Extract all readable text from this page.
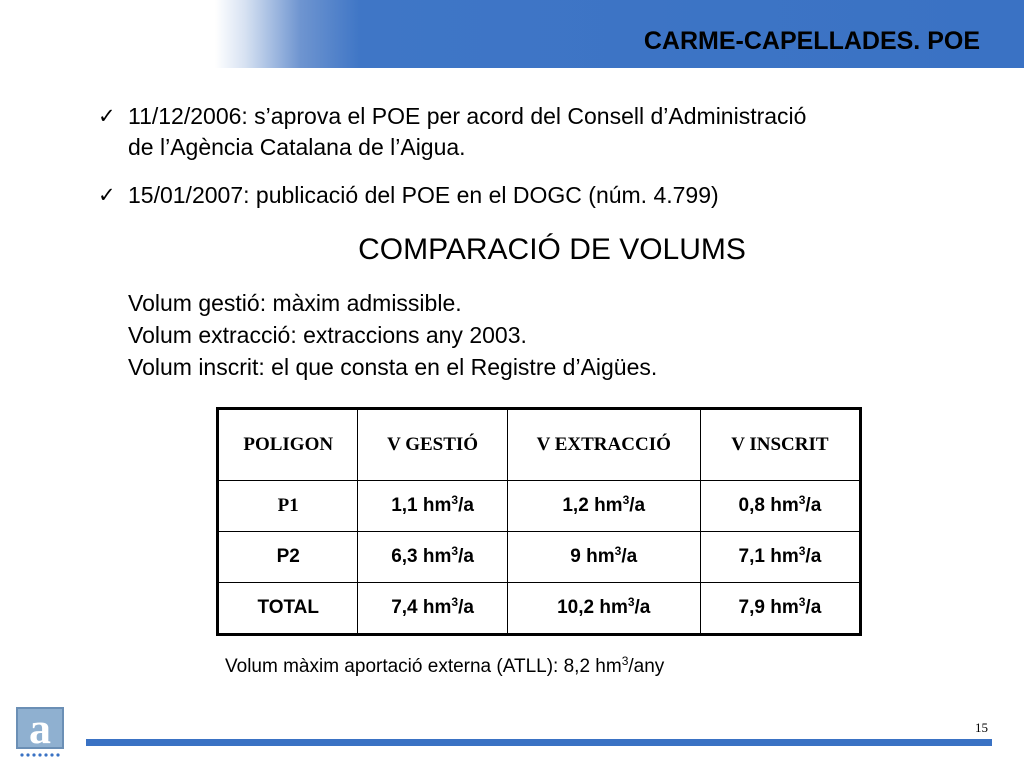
CARME-CAPELLADES. POE
✓ 11/12/2006: s’aprova el POE per acord del Consell d’Administració
de l’Agència Catalana de l’Aigua.
✓ 15/01/2007: publicació del POE en el DOGC (núm. 4.799)
COMPARACIÓ DE VOLUMS
Volum gestió: màxim admissible.
Volum extracció: extraccions any 2003.
Volum inscrit: el que consta en el Registre d’Aigües.
POLIGON	V GESTIÓ	V EXTRACCIÓ	V INSCRIT
P1	1,1 $hm^3/a$	1,2 $hm^3/a$	0,8 $hm^3/a$
P2	6,3 $hm^3/a$	9 $hm^3/a$	7,1 $hm^3/a$
TOTAL	7,4 $hm^3/a$	10,2 $hm^3/a$	7,9 $hm^3/a$
Volum màxim aportació externa (ATLL): 8,2 $hm^3$/any
a	15
